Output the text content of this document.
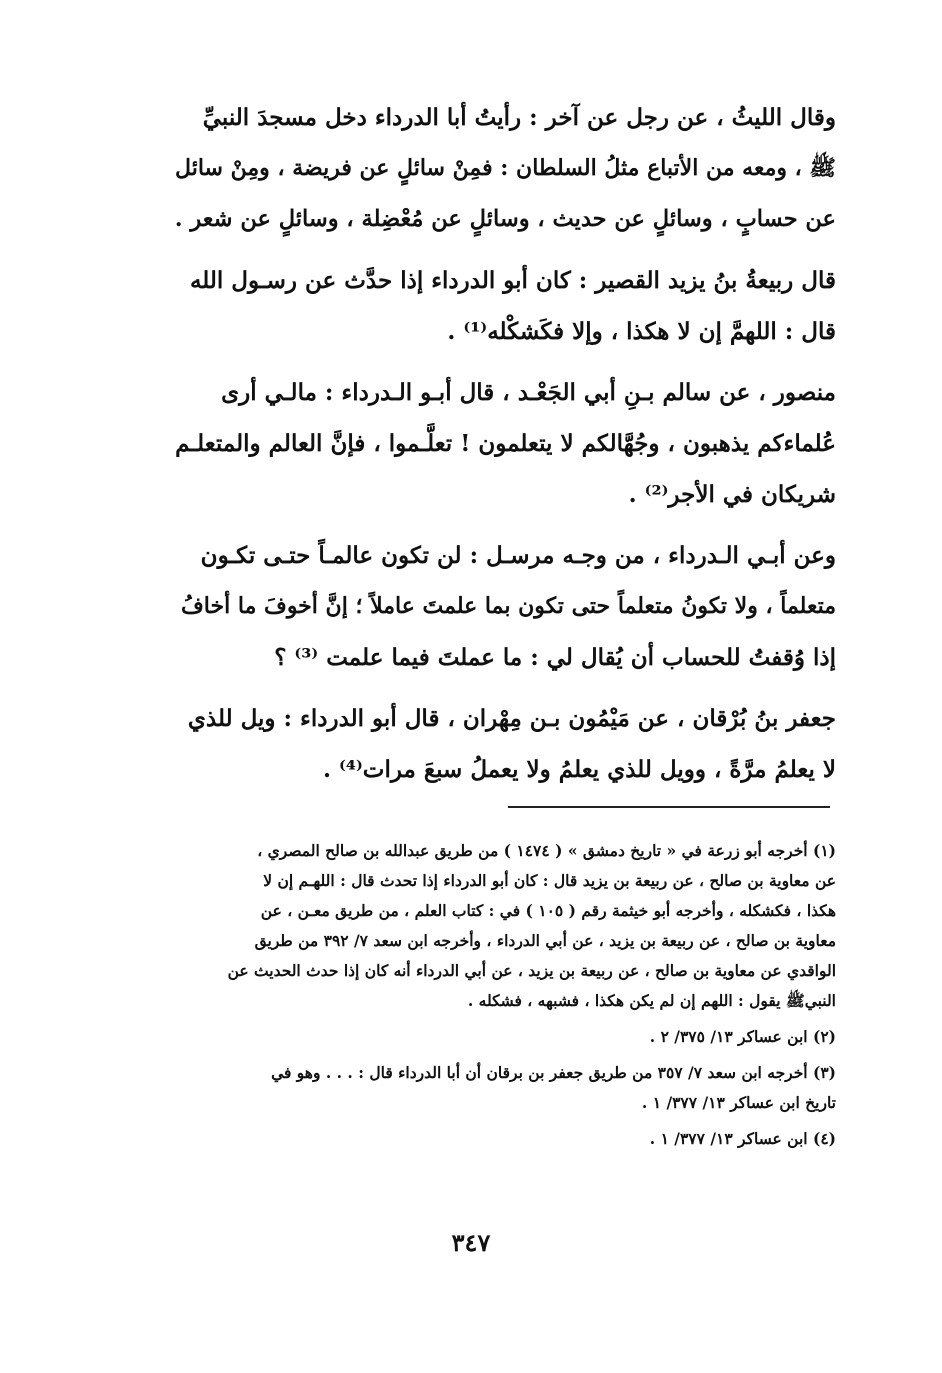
وقال الليثُ ، عن رجل عن آخر : رأيتُ أبا الدرداء دخل مسجدَ النبيِّ
ﷺ ، ومعه من الأتباع مثلُ السلطان : فمِنْ سائلٍ عن فريضة ، ومِنْ سائل
عن حسابٍ ، وسائلٍ عن حديث ، وسائلٍ عن مُعْضِلة ، وسائلٍ عن شعر .
قال ربيعةُ بنُ يزيد القصير : كان أبو الدرداء إذا حدَّث عن رسـول الله
قال : اللهمَّ إن لا هكذا ، وإلا فكَشكْله⁽¹⁾ .
منصور ، عن سالم بـنِ أبي الجَعْـد ، قال أبـو الـدرداء : مالـي أرى
عُلماءكم يذهبون ، وجُهَّالكم لا يتعلمون ! تعلَّـموا ، فإنَّ العالم والمتعلـم
شريكان في الأجر⁽²⁾ .
وعن أبـي الـدرداء ، من وجـه مرسـل : لن تكون عالمـاً حتـى تكـون
متعلماً ، ولا تكونُ متعلماً حتى تكون بما علمتَ عاملاً ؛ إنَّ أخوفَ ما أخافُ
إذا وُقفتُ للحساب أن يُقال لي : ما عملتَ فيما علمت ⁽³⁾ ؟
جعفر بنُ بُرْقان ، عن مَيْمُون بـن مِهْران ، قال أبو الدرداء : ويل للذي
لا يعلمُ مرَّةً ، وويل للذي يعلمُ ولا يعملُ سبعَ مرات⁽⁴⁾ .
(١) أخرجه أبو زرعة في « تاريخ دمشق » ( ١٤٧٤ ) من طريق عبدالله بن صالح المصري ،
عن معاوية بن صالح ، عن ربيعة بن يزيد قال : كان أبو الدرداء إذا تحدث قال : اللهـم إن لا
هكذا ، فكشكله ، وأخرجه أبو خيثمة رقم ( ١٠٥ ) في : كتاب العلم ، من طريق معـن ، عن
معاوية بن صالح ، عن ربيعة بن يزيد ، عن أبي الدرداء ، وأخرجه ابن سعد ٧/ ٣٩٢ من طريق
الواقدي عن معاوية بن صالح ، عن ربيعة بن يزيد ، عن أبي الدرداء أنه كان إذا حدث الحديث عن
النبيﷺ يقول : اللهم إن لم يكن هكذا ، فشبهه ، فشكله .
(٢) ابن عساكر ١٣/ ٣٧٥/ ٢ .
(٣) أخرجه ابن سعد ٧/ ٣٥٧ من طريق جعفر بن برقان أن أبا الدرداء قال : . . . وهو في
تاريخ ابن عساكر ١٣/ ٣٧٧/ ١ .
(٤) ابن عساكر ١٣/ ٣٧٧/ ١ .
٣٤٧
